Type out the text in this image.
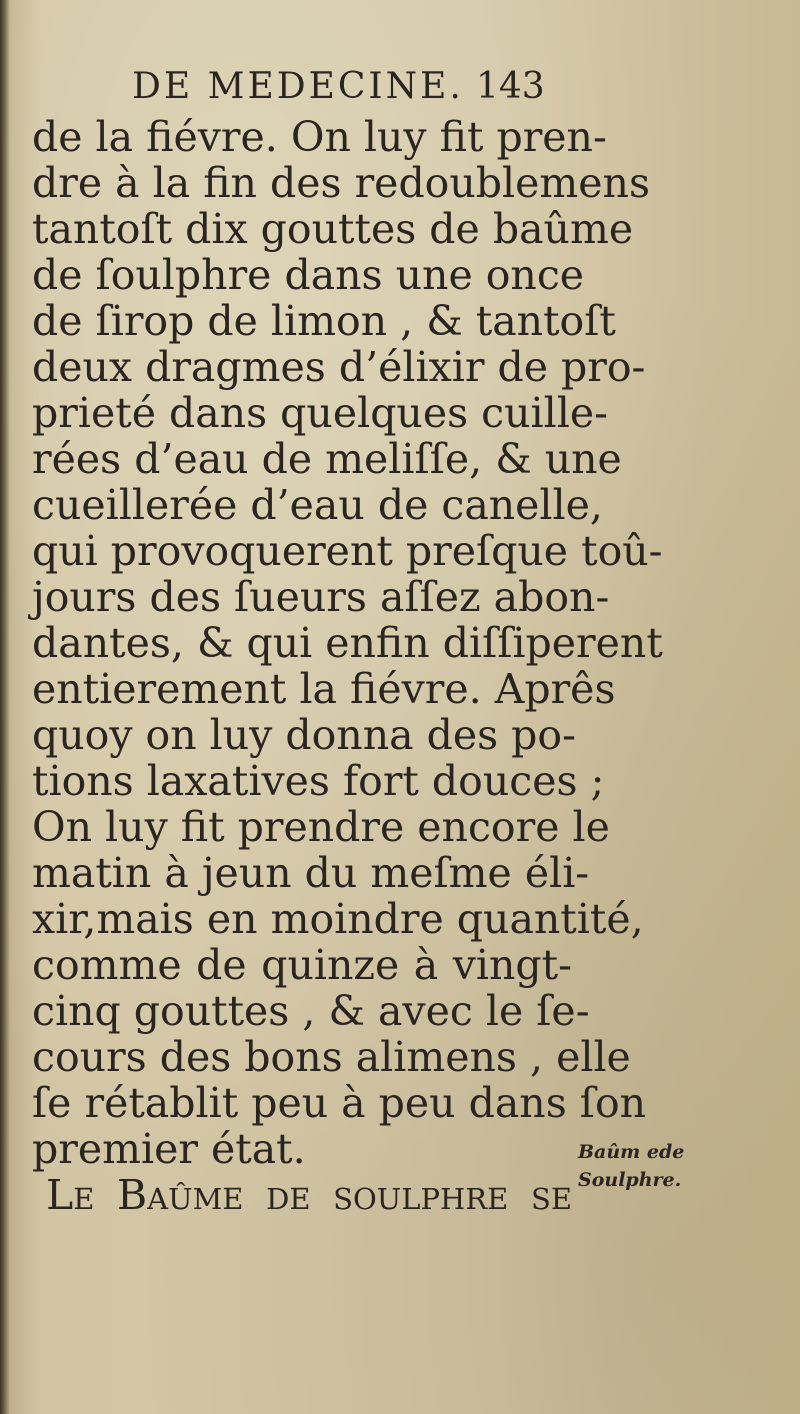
DE MEDECINE. 143
de la fiévre. On luy fit pren-
dre à la fin des redoublemens
tantoſt dix gouttes de baûme
de ſoulphre dans une once
de ſirop de limon , & tantoſt
deux dragmes d’élixir de pro-
prieté dans quelques cuille-
rées d’eau de meliſſe, & une
cueillerée d’eau de canelle,
qui provoquerent preſque toû-
jours des ſueurs aſſez abon-
dantes, & qui enfin diſſiperent
entierement la fiévre. Aprês
quoy on luy donna des po-
tions laxatives fort douces ;
On luy fit prendre encore le
matin à jeun du meſme éli-
xir,mais en moindre quantité,
comme de quinze à vingt-
cinq gouttes , & avec le ſe-
cours des bons alimens , elle
ſe rétablit peu à peu dans ſon
premier état.
Le Baûme de ſoulphre ſe
Baûm ede
Soulphre.
